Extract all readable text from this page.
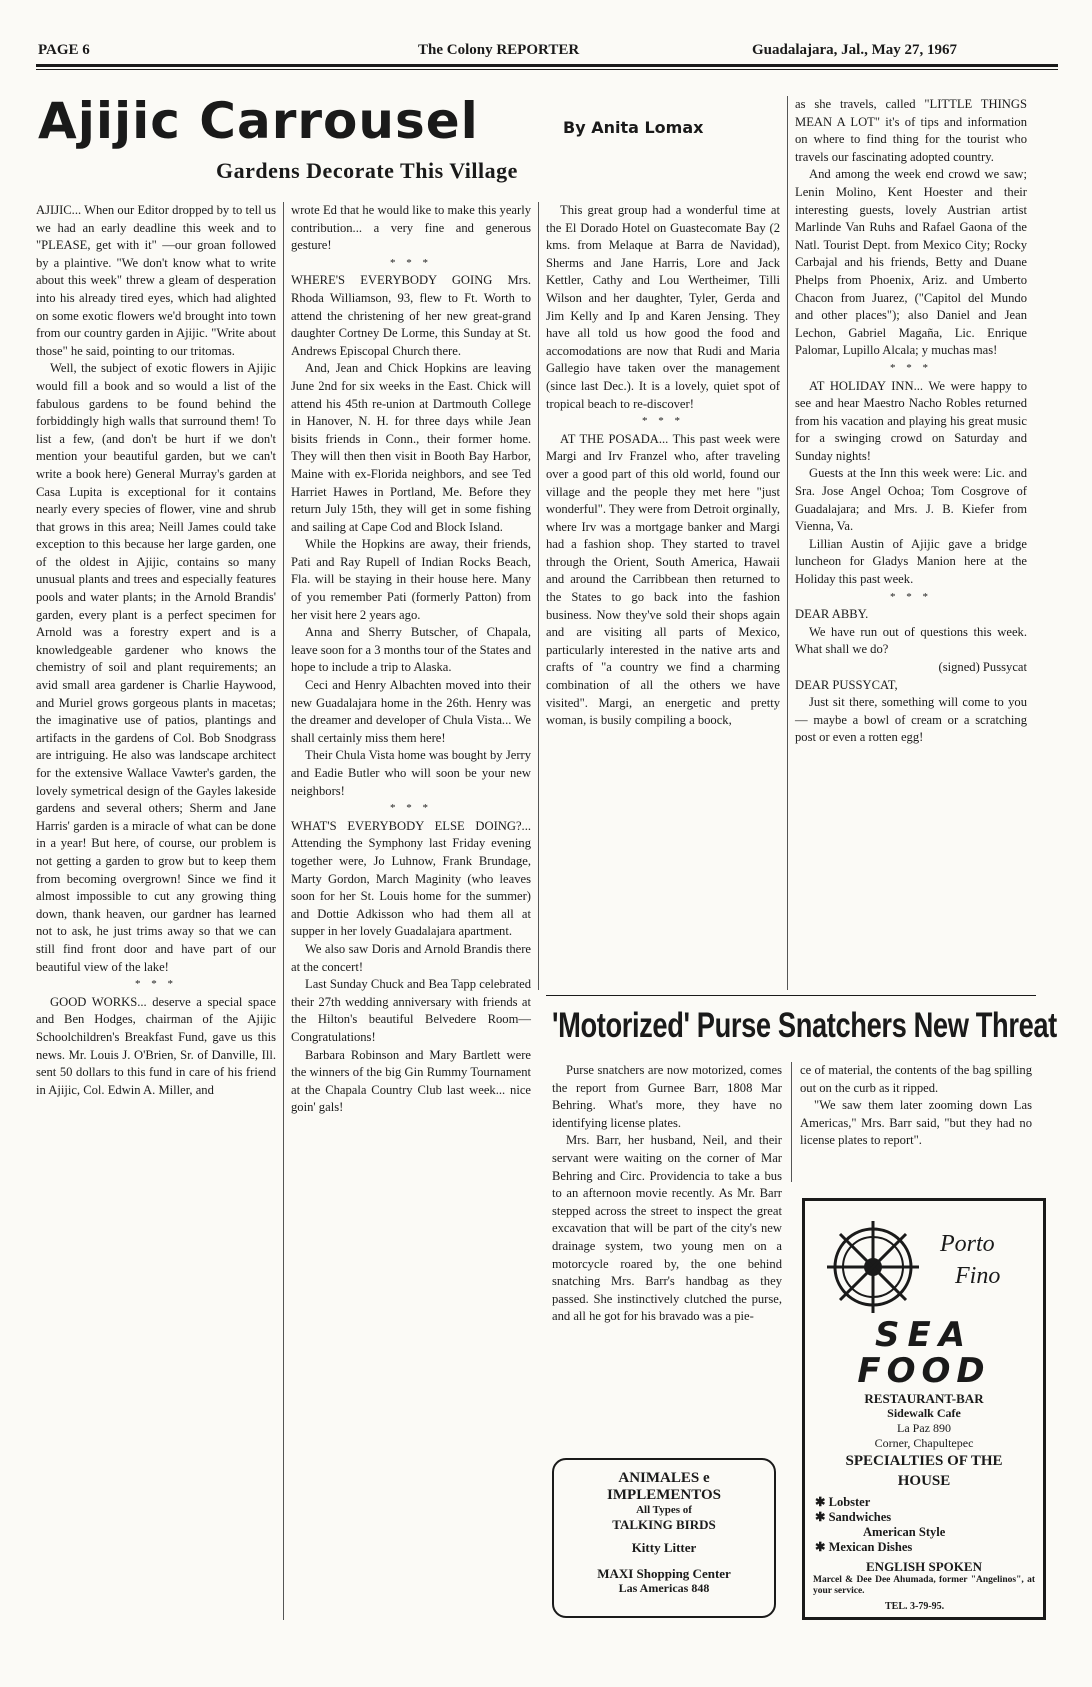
PAGE 6	The Colony REPORTER	Guadalajara, Jal., May 27, 1967
Ajijic Carrousel	By Anita Lomax
Gardens Decorate This Village

AJIJIC... When our Editor dropped by to tell us we had an early deadline this week and to "PLEASE, get with it" —our groan followed by a plaintive. "We don't know what to write about this week" threw a gleam of desperation into his already tired eyes, which had alighted on some exotic flowers we'd brought into town from our country garden in Ajijic. "Write about those" he said, pointing to our tritomas.

Well, the subject of exotic flowers in Ajijic would fill a book and so would a list of the fabulous gardens to be found behind the forbiddingly high walls that surround them! To list a few, (and don't be hurt if we don't mention your beautiful garden, but we can't write a book here) General Murray's garden at Casa Lupita is exceptional for it contains nearly every species of flower, vine and shrub that grows in this area; Neill James could take exception to this because her large garden, one of the oldest in Ajijic, contains so many unusual plants and trees and especially features pools and water plants; in the Arnold Brandis' garden, every plant is a perfect specimen for Arnold was a forestry expert and is a knowledgeable gardener who knows the chemistry of soil and plant requirements; an avid small area gardener is Charlie Haywood, and Muriel grows gorgeous plants in macetas; the imaginative use of patios, plantings and artifacts in the gardens of Col. Bob Snodgrass are intriguing. He also was landscape architect for the extensive Wallace Vawter's garden, the lovely symetrical design of the Gayles lakeside gardens and several others; Sherm and Jane Harris' garden is a miracle of what can be done in a year! But here, of course, our problem is not getting a garden to grow but to keep them from becoming overgrown! Since we find it almost impossible to cut any growing thing down, thank heaven, our gardner has learned not to ask, he just trims away so that we can still find front door and have part of our beautiful view of the lake!

* * *

GOOD WORKS... deserve a special space and Ben Hodges, chairman of the Ajijic Schoolchildren's Breakfast Fund, gave us this news. Mr. Louis J. O'Brien, Sr. of Danville, Ill. sent 50 dollars to this fund in care of his friend in Ajijic, Col. Edwin A. Miller, and

wrote Ed that he would like to make this yearly contribution... a very fine and generous gesture!

* * *

WHERE'S EVERYBODY GOING Mrs. Rhoda Williamson, 93, flew to Ft. Worth to attend the christening of her new great-grand daughter Cortney De Lorme, this Sunday at St. Andrews Episcopal Church there.

And, Jean and Chick Hopkins are leaving June 2nd for six weeks in the East. Chick will attend his 45th re-union at Dartmouth College in Hanover, N. H. for three days while Jean bisits friends in Conn., their former home. They will then then visit in Booth Bay Harbor, Maine with ex-Florida neighbors, and see Ted Harriet Hawes in Portland, Me. Before they return July 15th, they will get in some fishing and sailing at Cape Cod and Block Island.

While the Hopkins are away, their friends, Pati and Ray Rupell of Indian Rocks Beach, Fla. will be staying in their house here. Many of you remember Pati (formerly Patton) from her visit here 2 years ago.

Anna and Sherry Butscher, of Chapala, leave soon for a 3 months tour of the States and hope to include a trip to Alaska.

Ceci and Henry Albachten moved into their new Guadalajara home in the 26th. Henry was the dreamer and developer of Chula Vista... We shall certainly miss them here!

Their Chula Vista home was bought by Jerry and Eadie Butler who will soon be your new neighbors!

* * *

WHAT'S EVERYBODY ELSE DOING?... Attending the Symphony last Friday evening together were, Jo Luhnow, Frank Brundage, Marty Gordon, March Maginity (who leaves soon for her St. Louis home for the summer) and Dottie Adkisson who had them all at supper in her lovely Guadalajara apartment.

We also saw Doris and Arnold Brandis there at the concert!

Last Sunday Chuck and Bea Tapp celebrated their 27th wedding anniversary with friends at the Hilton's beautiful Belvedere Room—Congratulations!

Barbara Robinson and Mary Bartlett were the winners of the big Gin Rummy Tournament at the Chapala Country Club last week... nice goin' gals!

This great group had a wonderful time at the El Dorado Hotel on Guastecomate Bay (2 kms. from Melaque at Barra de Navidad), Sherms and Jane Harris, Lore and Jack Kettler, Cathy and Lou Wertheimer, Tilli Wilson and her daughter, Tyler, Gerda and Jim Kelly and Ip and Karen Jensing. They have all told us how good the food and accomodations are now that Rudi and Maria Gallegio have taken over the management (since last Dec.). It is a lovely, quiet spot of tropical beach to re-discover!

* * *

AT THE POSADA... This past week were Margi and Irv Franzel who, after traveling over a good part of this old world, found our village and the people they met here "just wonderful". They were from Detroit orginally, where Irv was a mortgage banker and Margi had a fashion shop. They started to travel through the Orient, South America, Hawaii and around the Carribbean then returned to the States to go back into the fashion business. Now they've sold their shops again and are visiting all parts of Mexico, particularly interested in the native arts and crafts of "a country we find a charming combination of all the others we have visited". Margi, an energetic and pretty woman, is busily compiling a boock,

as she travels, called "LITTLE THINGS MEAN A LOT" it's of tips and information on where to find thing for the tourist who travels our fascinating adopted country.

And among the week end crowd we saw; Lenin Molino, Kent Hoester and their interesting guests, lovely Austrian artist Marlinde Van Ruhs and Rafael Gaona of the Natl. Tourist Dept. from Mexico City; Rocky Carbajal and his friends, Betty and Duane Phelps from Phoenix, Ariz. and Umberto Chacon from Juarez, ("Capitol del Mundo and other places"); also Daniel and Jean Lechon, Gabriel Magaña, Lic. Enrique Palomar, Lupillo Alcala; y muchas mas!

* * *

AT HOLIDAY INN... We were happy to see and hear Maestro Nacho Robles returned from his vacation and playing his great music for a swinging crowd on Saturday and Sunday nights!

Guests at the Inn this week were: Lic. and Sra. Jose Angel Ochoa; Tom Cosgrove of Guadalajara; and Mrs. J. B. Kiefer from Vienna, Va.

Lillian Austin of Ajijic gave a bridge luncheon for Gladys Manion here at the Holiday this past week.

* * *

DEAR ABBY.

We have run out of questions this week. What shall we do?

(signed) Pussycat

DEAR PUSSYCAT,

Just sit there, something will come to you— maybe a bowl of cream or a scratching post or even a rotten egg!

'Motorized' Purse Snatchers New Threat

Purse snatchers are now motorized, comes the report from Gurnee Barr, 1808 Mar Behring. What's more, they have no identifying license plates.

Mrs. Barr, her husband, Neil, and their servant were waiting on the corner of Mar Behring and Circ. Providencia to take a bus to an afternoon movie recently. As Mr. Barr stepped across the street to inspect the great excavation that will be part of the city's new drainage system, two young men on a motorcycle roared by, the one behind snatching Mrs. Barr's handbag as they passed. She instinctively clutched the purse, and all he got for his bravado was a pie-

ce of material, the contents of the bag spilling out on the curb as it ripped.

"We saw them later zooming down Las Americas," Mrs. Barr said, "but they had no license plates to report".

ANIMALES e
IMPLEMENTOS
All Types of
TALKING BIRDS
Kitty Litter
MAXI Shopping Center
Las Americas 848
Porto
Fino
SEA
FOOD
RESTAURANT-BAR
Sidewalk Cafe
La Paz 890
Corner, Chapultepec
SPECIALTIES OF THE
HOUSE
✱ Lobster
✱ Sandwiches
American Style
✱ Mexican Dishes
ENGLISH SPOKEN
Marcel & Dee Dee Ahumada, former "Angelinos", at your service.
TEL. 3-79-95.
